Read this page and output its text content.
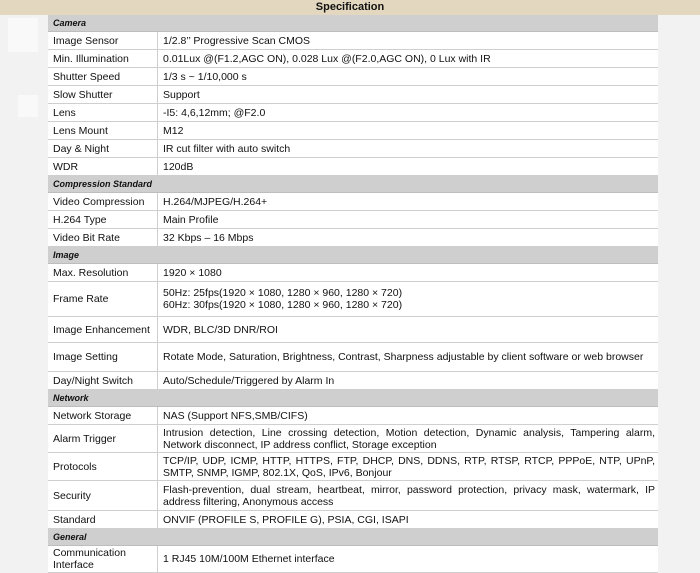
Specification
Camera
Image Sensor	1/2.8’’ Progressive Scan CMOS
Min. Illumination	0.01Lux @(F1.2,AGC ON), 0.028 Lux @(F2.0,AGC ON), 0 Lux with IR
Shutter Speed	1/3 s ~ 1/10,000 s
Slow Shutter	Support
Lens	-I5: 4,6,12mm; @F2.0
Lens Mount	M12
Day & Night	IR cut filter with auto switch
WDR	120dB
Compression Standard
Video Compression	H.264/MJPEG/H.264+
H.264 Type	Main Profile
Video Bit Rate	32 Kbps – 16 Mbps
Image
Max. Resolution	1920 × 1080
Frame Rate	50Hz: 25fps(1920 × 1080, 1280 × 960, 1280 × 720)
60Hz: 30fps(1920 × 1080, 1280 × 960, 1280 × 720)
Image Enhancement	WDR, BLC/3D DNR/ROI
Image Setting	Rotate Mode, Saturation, Brightness, Contrast, Sharpness adjustable by client software or web browser
Day/Night Switch	Auto/Schedule/Triggered by Alarm In
Network
Network Storage	NAS (Support NFS,SMB/CIFS)
Alarm Trigger	Intrusion detection, Line crossing detection, Motion detection, Dynamic analysis, Tampering alarm, Network disconnect, IP address conflict, Storage exception
Protocols	TCP/IP, UDP, ICMP, HTTP, HTTPS, FTP, DHCP, DNS, DDNS, RTP, RTSP, RTCP, PPPoE, NTP, UPnP, SMTP, SNMP, IGMP, 802.1X, QoS, IPv6, Bonjour
Security	Flash-prevention, dual stream, heartbeat, mirror, password protection, privacy mask, watermark, IP address filtering, Anonymous access
Standard	ONVIF (PROFILE S, PROFILE G), PSIA, CGI, ISAPI
General
Communication Interface	1 RJ45 10M/100M Ethernet interface
